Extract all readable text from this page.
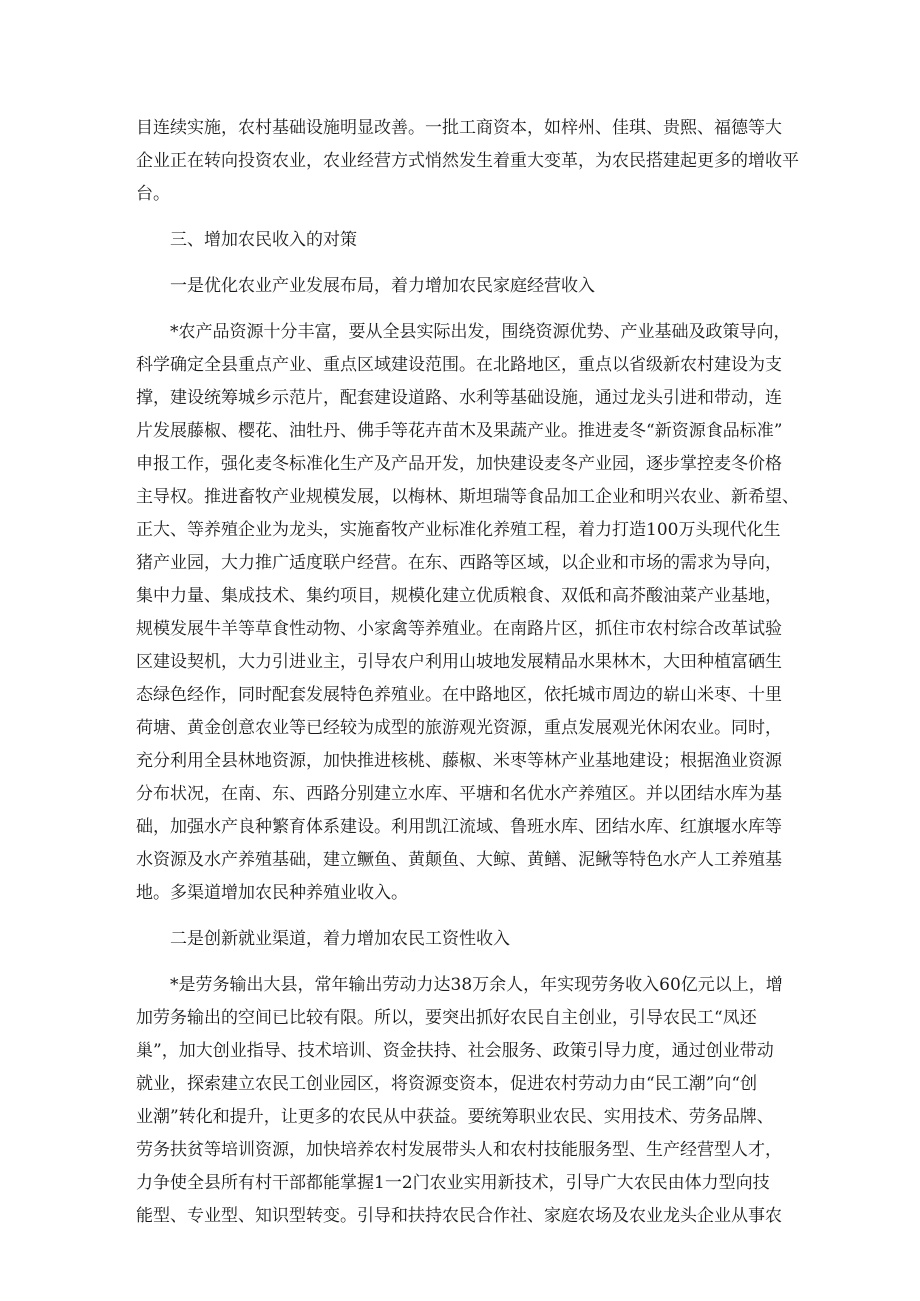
目连续实施，农村基础设施明显改善。一批工商资本，如梓州、佳琪、贵熙、福德等大
企业正在转向投资农业，农业经营方式悄然发生着重大变革，为农民搭建起更多的增收平
台。
三、增加农民收入的对策
一是优化农业产业发展布局，着力增加农民家庭经营收入
*农产品资源十分丰富，要从全县实际出发，围绕资源优势、产业基础及政策导向，
科学确定全县重点产业、重点区域建设范围。在北路地区，重点以省级新农村建设为支
撑，建设统筹城乡示范片，配套建设道路、水利等基础设施，通过龙头引进和带动，连
片发展藤椒、樱花、油牡丹、佛手等花卉苗木及果蔬产业。推进麦冬“新资源食品标准”
申报工作，强化麦冬标准化生产及产品开发，加快建设麦冬产业园，逐步掌控麦冬价格
主导权。推进畜牧产业规模发展，以梅林、斯坦瑞等食品加工企业和明兴农业、新希望、
正大、等养殖企业为龙头，实施畜牧产业标准化养殖工程，着力打造100万头现代化生
猪产业园，大力推广适度联户经营。在东、西路等区域，以企业和市场的需求为导向，
集中力量、集成技术、集约项目，规模化建立优质粮食、双低和高芥酸油菜产业基地，
规模发展牛羊等草食性动物、小家禽等养殖业。在南路片区，抓住市农村综合改革试验
区建设契机，大力引进业主，引导农户利用山坡地发展精品水果林木，大田种植富硒生
态绿色经作，同时配套发展特色养殖业。在中路地区，依托城市周边的崭山米枣、十里
荷塘、黄金创意农业等已经较为成型的旅游观光资源，重点发展观光休闲农业。同时，
充分利用全县林地资源，加快推进核桃、藤椒、米枣等林产业基地建设；根据渔业资源
分布状况，在南、东、西路分别建立水库、平塘和名优水产养殖区。并以团结水库为基
础，加强水产良种繁育体系建设。利用凯江流域、鲁班水库、团结水库、红旗堰水库等
水资源及水产养殖基础，建立鳜鱼、黄颠鱼、大鲸、黄鳝、泥鳅等特色水产人工养殖基
地。多渠道增加农民种养殖业收入。
二是创新就业渠道，着力增加农民工资性收入
*是劳务输出大县，常年输出劳动力达38万余人，年实现劳务收入60亿元以上，增
加劳务输出的空间已比较有限。所以，要突出抓好农民自主创业，引导农民工“凤还
巢”，加大创业指导、技术培训、资金扶持、社会服务、政策引导力度，通过创业带动
就业，探索建立农民工创业园区，将资源变资本，促进农村劳动力由“民工潮”向“创
业潮”转化和提升，让更多的农民从中获益。要统筹职业农民、实用技术、劳务品牌、
劳务扶贫等培训资源，加快培养农村发展带头人和农村技能服务型、生产经营型人才，
力争使全县所有村干部都能掌握1一2门农业实用新技术，引导广大农民由体力型向技
能型、专业型、知识型转变。引导和扶持农民合作社、家庭农场及农业龙头企业从事农
